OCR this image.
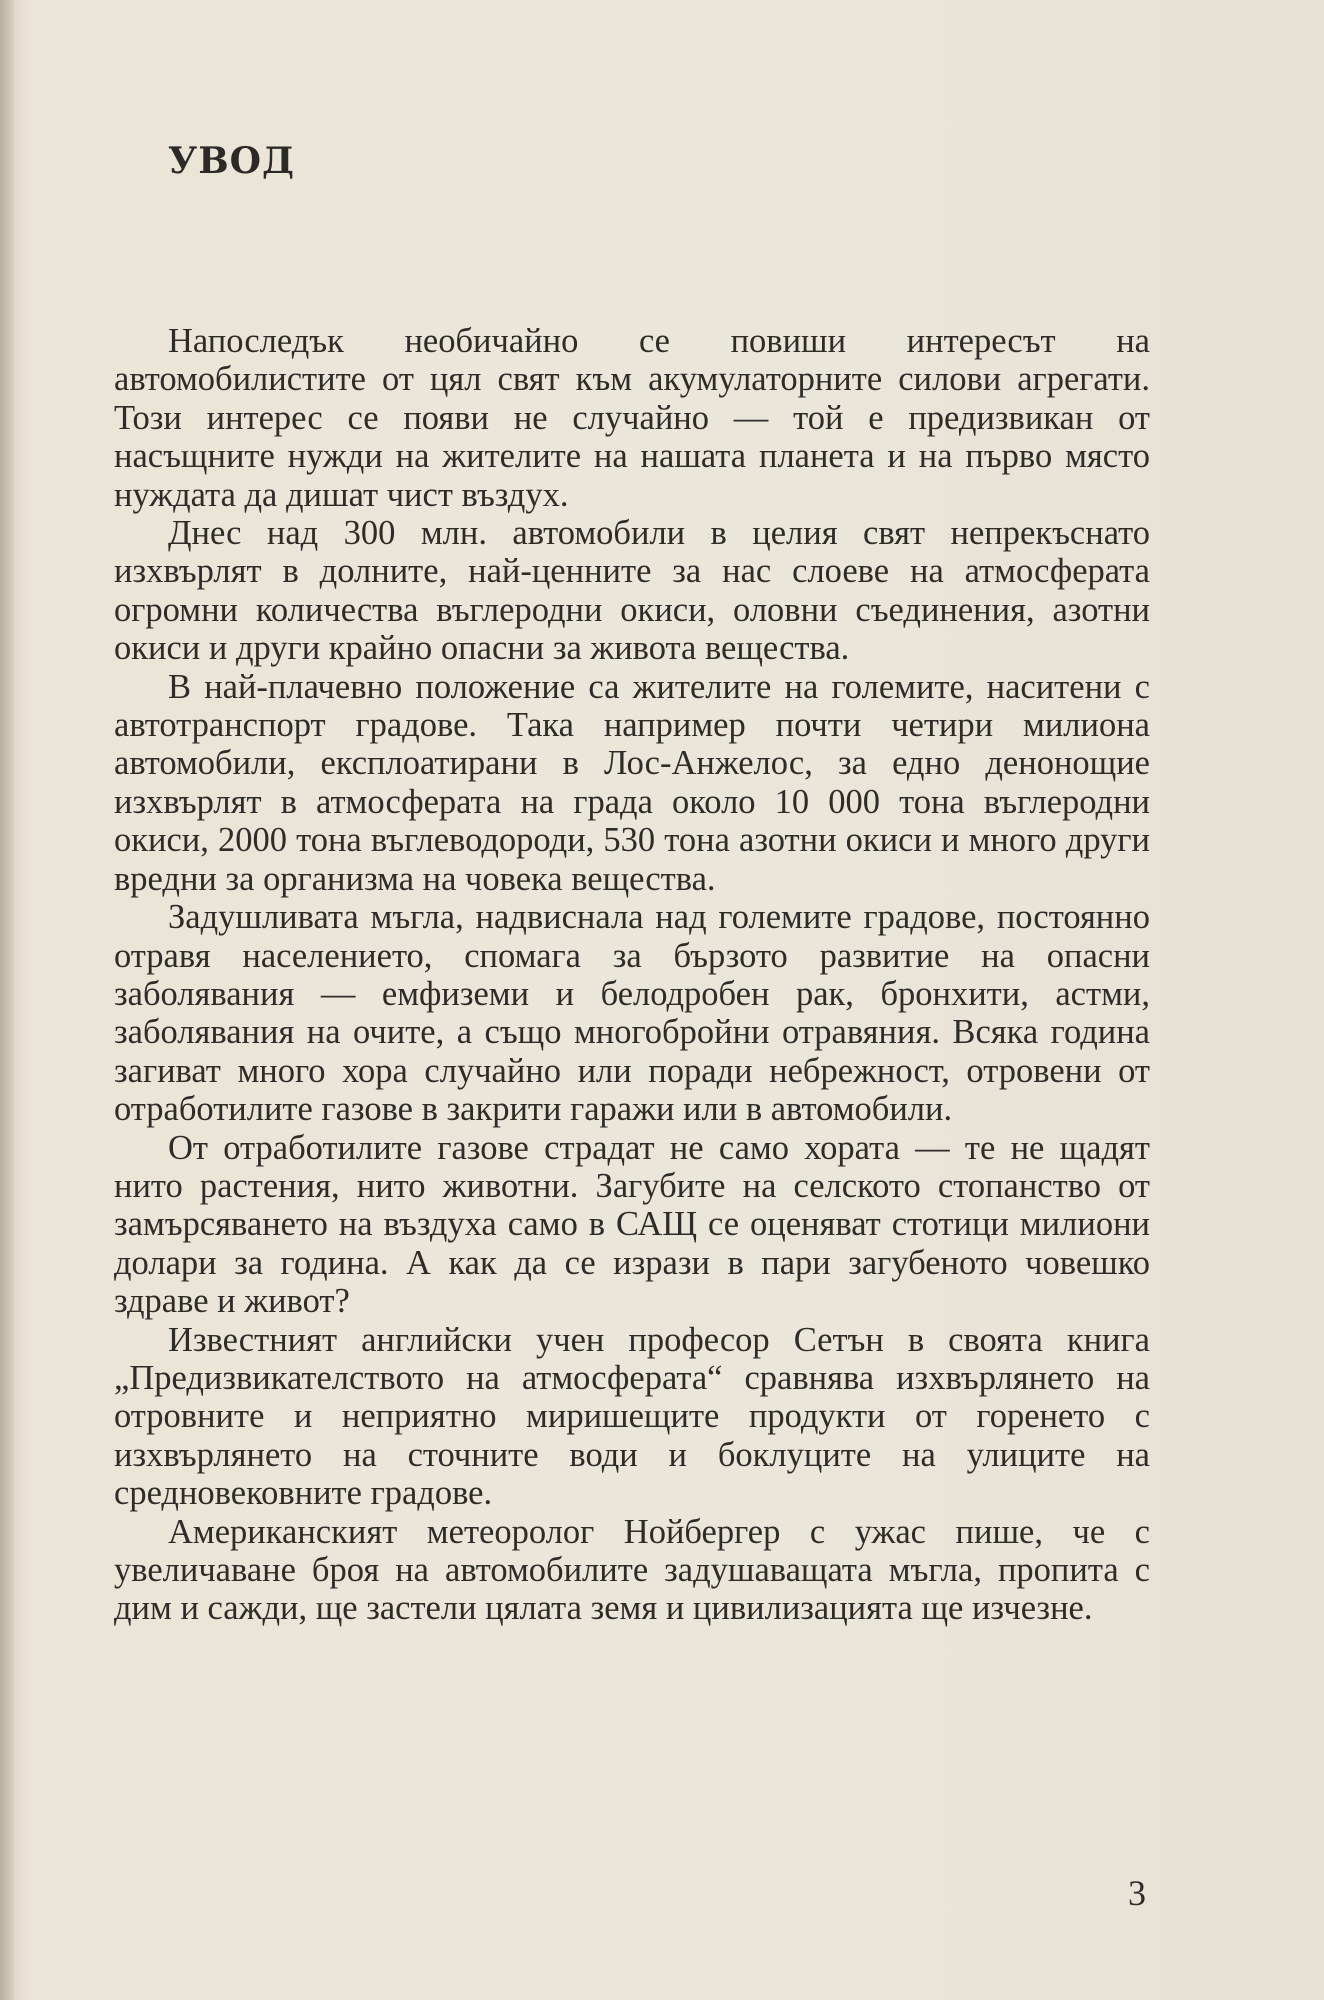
УВОД

Напоследък необичайно се повиши интересът на автомобилистите от цял свят към акумулаторните силови агрегати. Този интерес се появи не случайно — той е предизвикан от насъщните нужди на жителите на нашата планета и на първо място нуждата да дишат чист въздух.

Днес над 300 млн. автомобили в целия свят непрекъснато изхвърлят в долните, най-ценните за нас слоеве на атмосферата огромни количества въглеродни окиси, оловни съединения, азотни окиси и други крайно опасни за живота вещества.

В най-плачевно положение са жителите на големите, наситени с автотранспорт градове. Така например почти четири милиона автомобили, експлоатирани в Лос-Анжелос, за едно денонощие изхвърлят в атмосферата на града около 10 000 тона въглеродни окиси, 2000 тона въглеводороди, 530 тона азотни окиси и много други вредни за организма на човека вещества.

Задушливата мъгла, надвиснала над големите градове, постоянно отравя населението, спомага за бързото развитие на опасни заболявания — емфиземи и белодробен рак, бронхити, астми, заболявания на очите, а също многобройни отравяния. Всяка година загиват много хора случайно или поради небрежност, отровени от отработилите газове в закрити гаражи или в автомобили.

От отработилите газове страдат не само хората — те не щадят нито растения, нито животни. Загубите на селското стопанство от замърсяването на въздуха само в САЩ се оценяват стотици милиони долари за година. А как да се изрази в пари загубеното човешко здраве и живот?

Известният английски учен професор Сетън в своята книга „Предизвикателството на атмосферата“ сравнява изхвърлянето на отровните и неприятно миришещите продукти от горенето с изхвърлянето на сточните води и боклуците на улиците на средновековните градове.

Американският метеоролог Нойбергер с ужас пише, че с увеличаване броя на автомобилите задушаващата мъгла, пропита с дим и сажди, ще застели цялата земя и цивилизацията ще изчезне.

3
